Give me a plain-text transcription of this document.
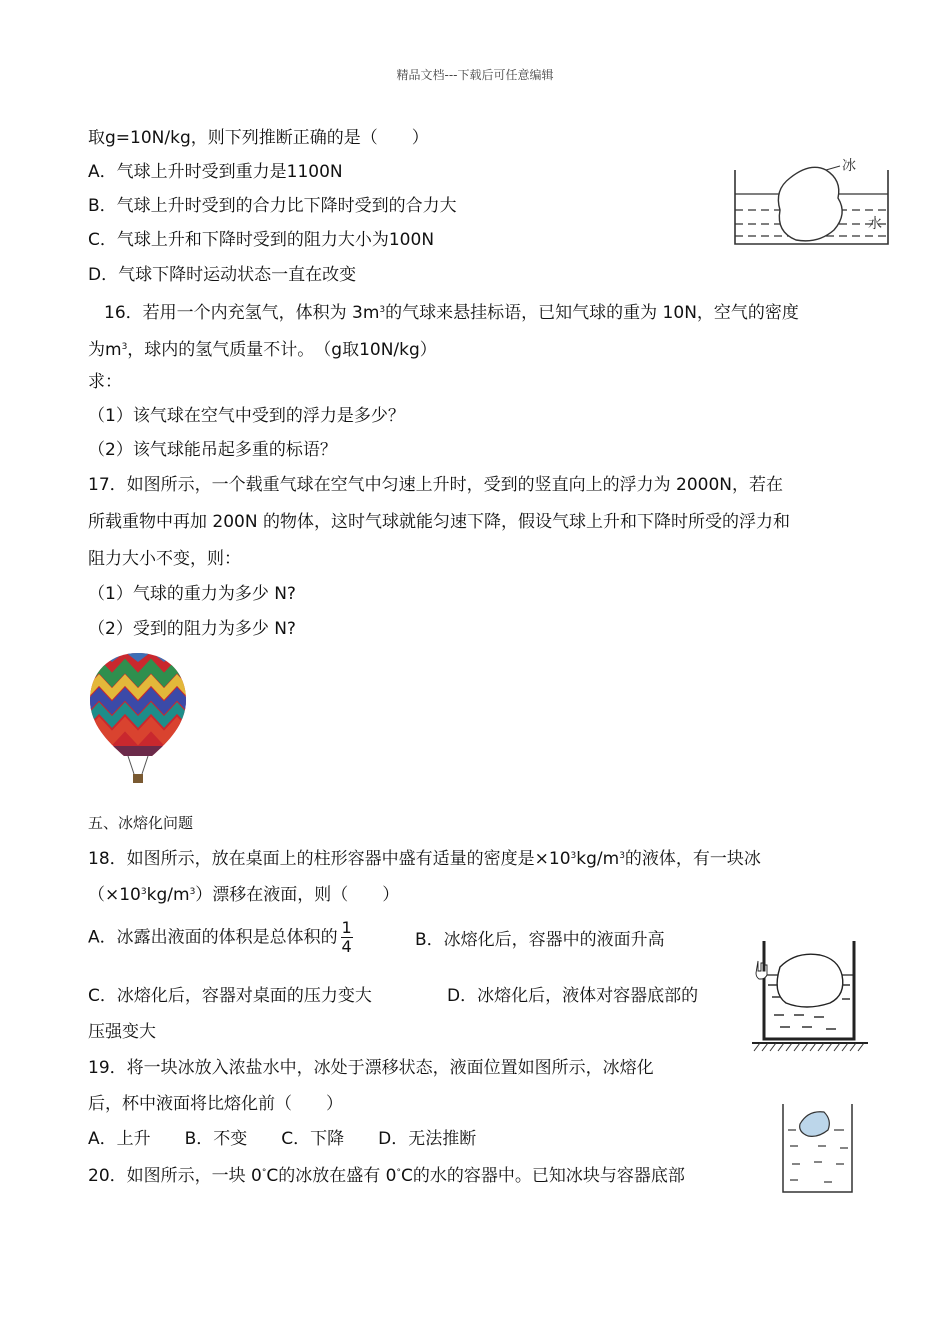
精品文档---下载后可任意编辑
取g=10N/kg，则下列推断正确的是（　　）
A．气球上升时受到重力是1100N
B．气球上升时受到的合力比下降时受到的合力大
C．气球上升和下降时受到的阻力大小为100N
D．气球下降时运动状态一直在改变
冰
水
16．若用一个内充氢气，体积为 $3m^3$的气球来悬挂标语，已知气球的重为 10N，空气的密度
为$m^3$，球内的氢气质量不计。　（g取10N/kg）
求：
（1）该气球在空气中受到的浮力是多少？
（2）该气球能吊起多重的标语？
17．如图所示，一个载重气球在空气中匀速上升时，受到的竖直向上的浮力为 2000N，若在
所载重物中再加 200N 的物体，这时气球就能匀速下降，假设气球上升和下降时所受的浮力和
阻力大小不变，则：
（1）气球的重力为多少 N?
（2）受到的阻力为多少 N?
五、冰熔化问题
18．如图所示，放在桌面上的柱形容器中盛有适量的密度是$\times 10^3kg/m^3$的液体，有一块冰
$(\times 10^3kg/m^3)$漂移在液面，则（　　）
A．冰露出液面的体积是总体积的 $\frac{1}{4}$	B．冰熔化后，容器中的液面升高
C．冰熔化后，容器对桌面的压力变大	D．冰熔化后，液体对容器底部的
压强变大
19．将一块冰放入浓盐水中，冰处于漂移状态，液面位置如图所示，冰熔化
后，杯中液面将比熔化前（　　）
A．上升　　B．不变　　C．下降　　D．无法推断
20．如图所示，一块 0°C的冰放在盛有 0°C的水的容器中。已知冰块与容器底部
